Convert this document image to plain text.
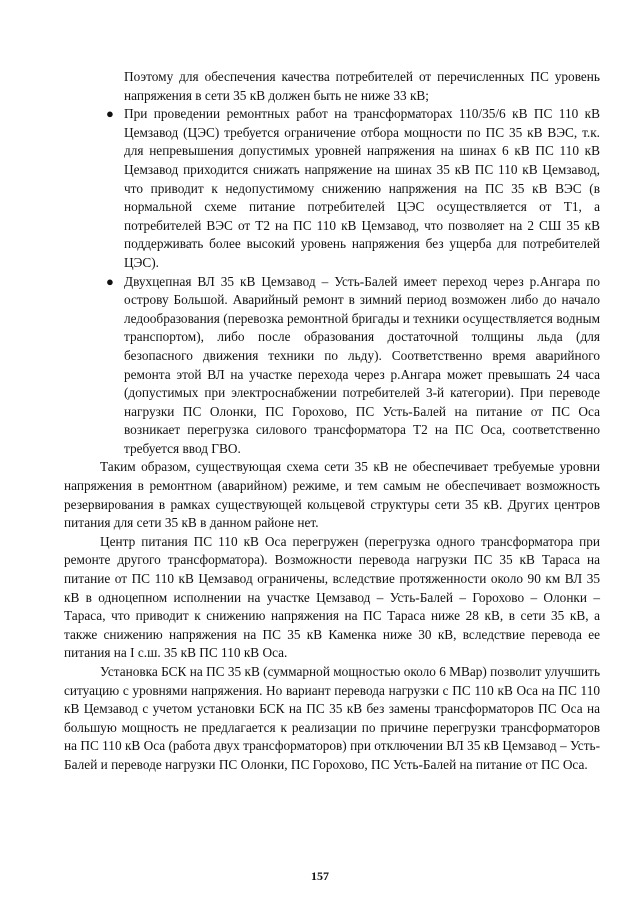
Поэтому для обеспечения качества потребителей от перечисленных ПС уровень напряжения в сети 35 кВ должен быть не ниже 33 кВ;

● При проведении ремонтных работ на трансформаторах 110/35/6 кВ ПС 110 кВ Цемзавод (ЦЭС) требуется ограничение отбора мощности по ПС 35 кВ ВЭС, т.к. для непревышения допустимых уровней напряжения на шинах 6 кВ ПС 110 кВ Цемзавод приходится снижать напряжение на шинах 35 кВ ПС 110 кВ Цемзавод, что приводит к недопустимому снижению напряжения на ПС 35 кВ ВЭС (в нормальной схеме питание потребителей ЦЭС осуществляется от Т1, а потребителей ВЭС от Т2 на ПС 110 кВ Цемзавод, что позволяет на 2 СШ 35 кВ поддерживать более высокий уровень напряжения без ущерба для потребителей ЦЭС).
● Двухцепная ВЛ 35 кВ Цемзавод – Усть-Балей имеет переход через р.Ангара по острову Большой. Аварийный ремонт в зимний период возможен либо до начало ледообразования (перевозка ремонтной бригады и техники осуществляется водным транспортом), либо после образования достаточной толщины льда (для безопасного движения техники по льду). Соответственно время аварийного ремонта этой ВЛ на участке перехода через р.Ангара может превышать 24 часа (допустимых при электроснабжении потребителей 3-й категории). При переводе нагрузки ПС Олонки, ПС Горохово, ПС Усть-Балей на питание от ПС Оса возникает перегрузка силового трансформатора Т2 на ПС Оса, соответственно требуется ввод ГВО.

Таким образом, существующая схема сети 35 кВ не обеспечивает требуемые уровни напряжения в ремонтном (аварийном) режиме, и тем самым не обеспечивает возможность резервирования в рамках существующей кольцевой структуры сети 35 кВ. Других центров питания для сети 35 кВ в данном районе нет.

Центр питания ПС 110 кВ Оса перегружен (перегрузка одного трансформатора при ремонте другого трансформатора). Возможности перевода нагрузки ПС 35 кВ Тараса на питание от ПС 110 кВ Цемзавод ограничены, вследствие протяженности около 90 км ВЛ 35 кВ в одноцепном исполнении на участке Цемзавод – Усть-Балей – Горохово – Олонки – Тараса, что приводит к снижению напряжения на ПС Тараса ниже 28 кВ, в сети 35 кВ, а также снижению напряжения на ПС 35 кВ Каменка ниже 30 кВ, вследствие перевода ее питания на I с.ш. 35 кВ ПС 110 кВ Оса.

Установка БСК на ПС 35 кВ (суммарной мощностью около 6 МВар) позволит улучшить ситуацию с уровнями напряжения. Но вариант перевода нагрузки с ПС 110 кВ Оса на ПС 110 кВ Цемзавод с учетом установки БСК на ПС 35 кВ без замены трансформаторов ПС Оса на большую мощность не предлагается к реализации по причине перегрузки трансформаторов на ПС 110 кВ Оса (работа двух трансформаторов) при отключении ВЛ 35 кВ Цемзавод – Усть-Балей и переводе нагрузки ПС Олонки, ПС Горохово, ПС Усть-Балей на питание от ПС Оса.

157
